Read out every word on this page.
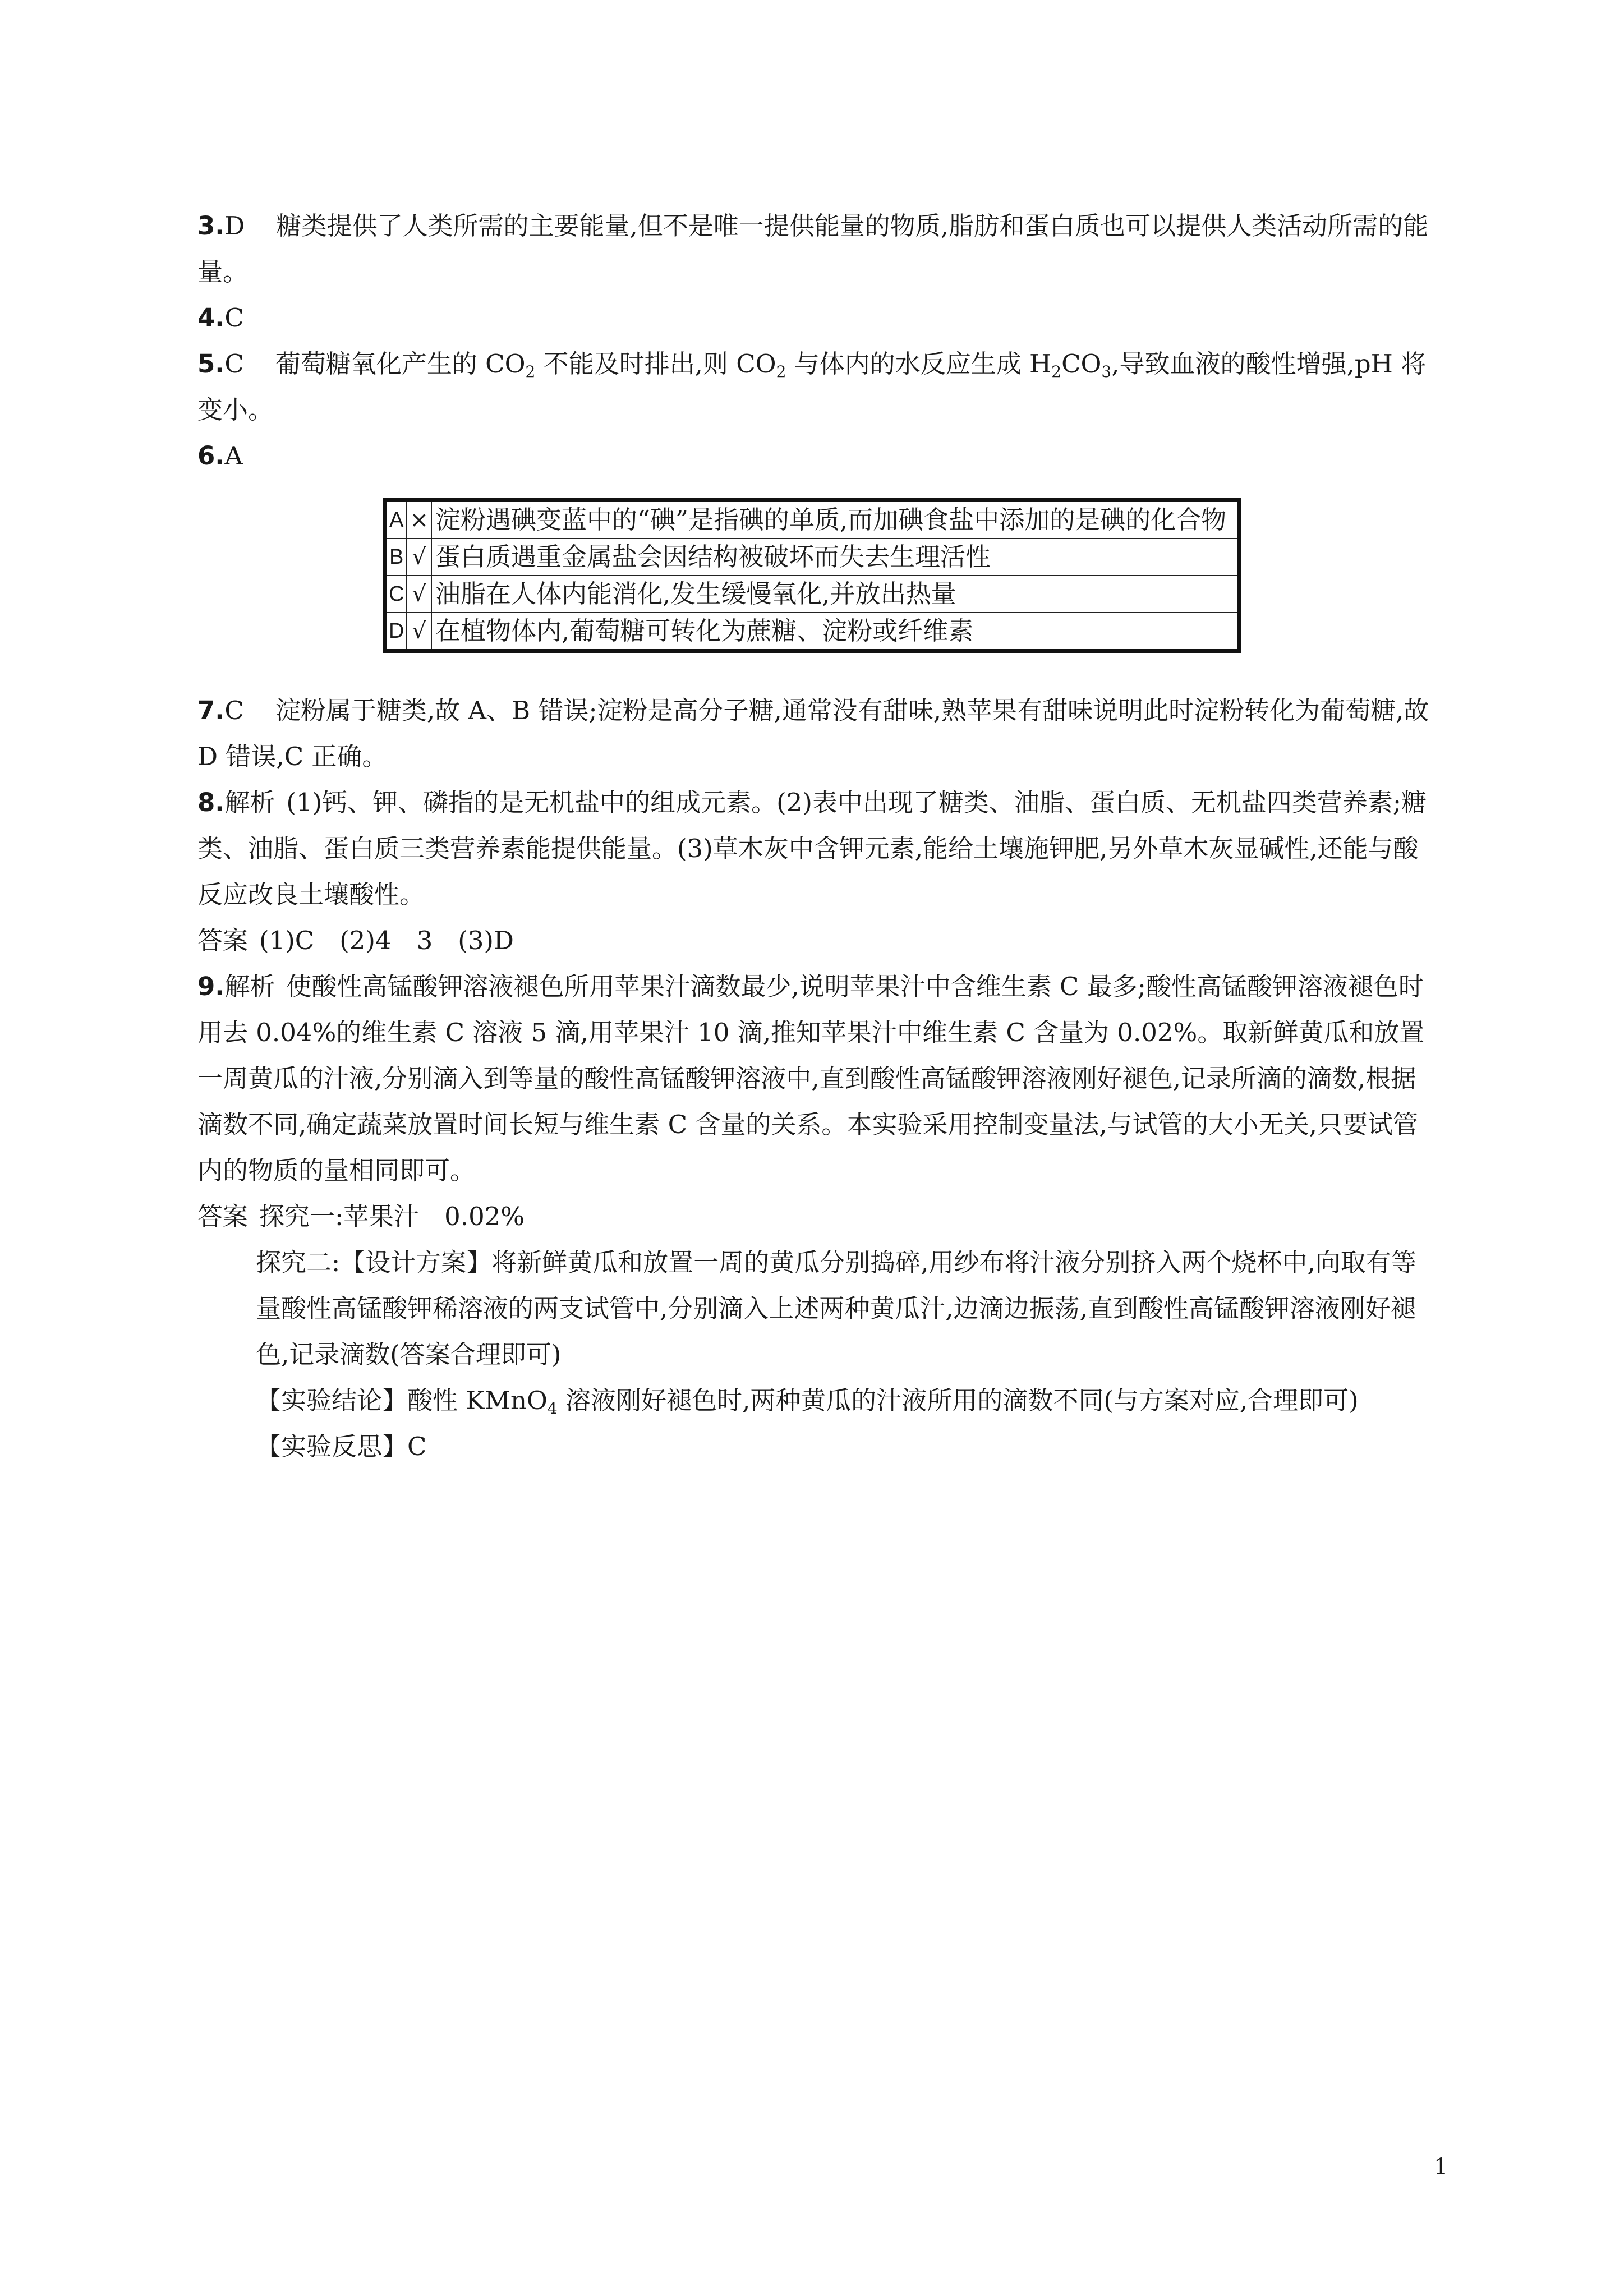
3.D 糖类提供了人类所需的主要能量,但不是唯一提供能量的物质,脂肪和蛋白质也可以提供人类活动所需的能量。

4.C

5.C 葡萄糖氧化产生的 $CO_2$ 不能及时排出,则 $CO_2$ 与体内的水反应生成 $H_2CO_3$,导致血液的酸性增强,pH 将变小。

6.A

A	×	淀粉遇碘变蓝中的“碘”是指碘的单质,而加碘食盐中添加的是碘的化合物
B	√	蛋白质遇重金属盐会因结构被破坏而失去生理活性
C	√	油脂在人体内能消化,发生缓慢氧化,并放出热量
D	√	在植物体内,葡萄糖可转化为蔗糖、淀粉或纤维素

7.C 淀粉属于糖类,故 A、B 错误;淀粉是高分子糖,通常没有甜味,熟苹果有甜味说明此时淀粉转化为葡萄糖,故 D 错误,C 正确。

8.解析 (1)钙、钾、磷指的是无机盐中的组成元素。(2)表中出现了糖类、油脂、蛋白质、无机盐四类营养素;糖类、油脂、蛋白质三类营养素能提供能量。(3)草木灰中含钾元素,能给土壤施钾肥,另外草木灰显碱性,还能与酸反应改良土壤酸性。

答案 (1)C　(2)4　3　(3)D

9.解析 使酸性高锰酸钾溶液褪色所用苹果汁滴数最少,说明苹果汁中含维生素 C 最多;酸性高锰酸钾溶液褪色时用去 0.04%的维生素 C 溶液 5 滴,用苹果汁 10 滴,推知苹果汁中维生素 C 含量为 0.02%。取新鲜黄瓜和放置一周黄瓜的汁液,分别滴入到等量的酸性高锰酸钾溶液中,直到酸性高锰酸钾溶液刚好褪色,记录所滴的滴数,根据滴数不同,确定蔬菜放置时间长短与维生素 C 含量的关系。本实验采用控制变量法,与试管的大小无关,只要试管内的物质的量相同即可。

答案 探究一:苹果汁　0.02%

探究二:【设计方案】将新鲜黄瓜和放置一周的黄瓜分别捣碎,用纱布将汁液分别挤入两个烧杯中,向取有等量酸性高锰酸钾稀溶液的两支试管中,分别滴入上述两种黄瓜汁,边滴边振荡,直到酸性高锰酸钾溶液刚好褪色,记录滴数(答案合理即可)

【实验结论】酸性 KMnO$_4$ 溶液刚好褪色时,两种黄瓜的汁液所用的滴数不同(与方案对应,合理即可)

【实验反思】C

1
